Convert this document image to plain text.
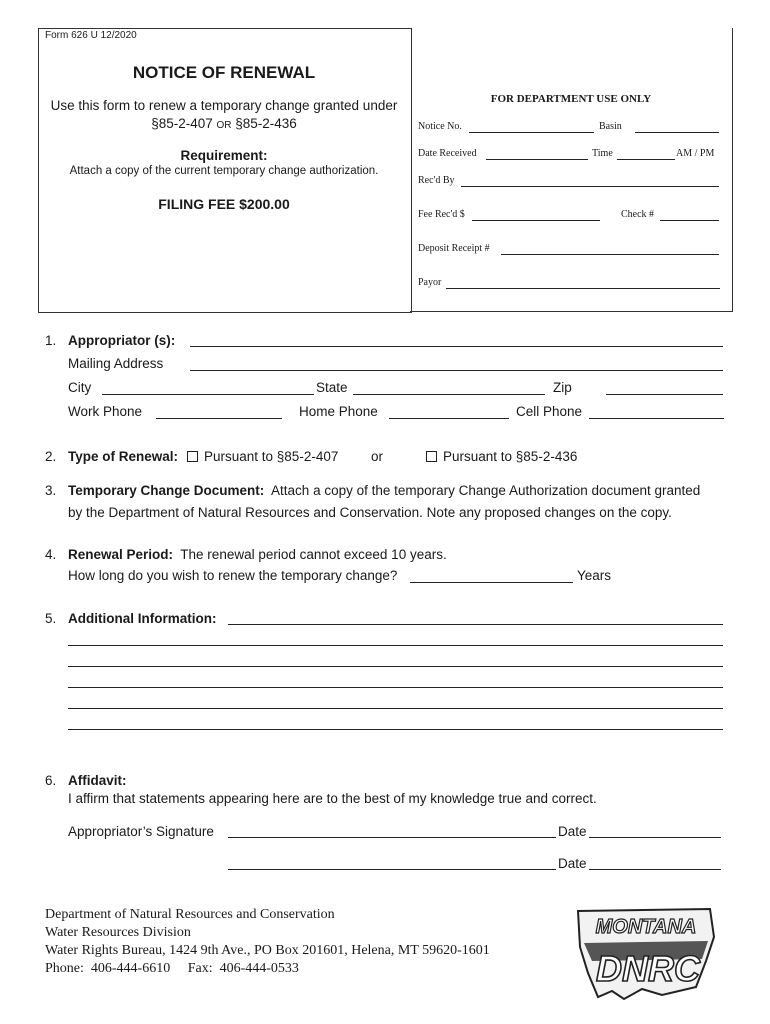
Form 626 U 12/2020
NOTICE OF RENEWAL
Use this form to renew a temporary change granted under
§85-2-407 OR §85-2-436
Requirement:
Attach a copy of the current temporary change authorization.
FILING FEE $200.00
FOR DEPARTMENT USE ONLY
Notice No.	Basin
Date Received	Time	AM / PM
Rec'd By
Fee Rec'd $	Check #
Deposit Receipt #
Payor
1. Appropriator (s):
Mailing Address
City	State	Zip
Work Phone	Home Phone	Cell Phone
2. Type of Renewal:	Pursuant to §85-2-407 or	Pursuant to §85-2-436
3. Temporary Change Document: Attach a copy of the temporary Change Authorization document granted
by the Department of Natural Resources and Conservation. Note any proposed changes on the copy.
4. Renewal Period: The renewal period cannot exceed 10 years.
How long do you wish to renew the temporary change?	Years
5. Additional Information:
6. Affidavit:
I affirm that statements appearing here are to the best of my knowledge true and correct.
Appropriator’s Signature	Date
Date
Department of Natural Resources and Conservation
Water Resources Division
Water Rights Bureau, 1424 9th Ave., PO Box 201601, Helena, MT 59620-1601
Phone:  406-444-6610     Fax:  406-444-0533
MONTANA
DNRC
